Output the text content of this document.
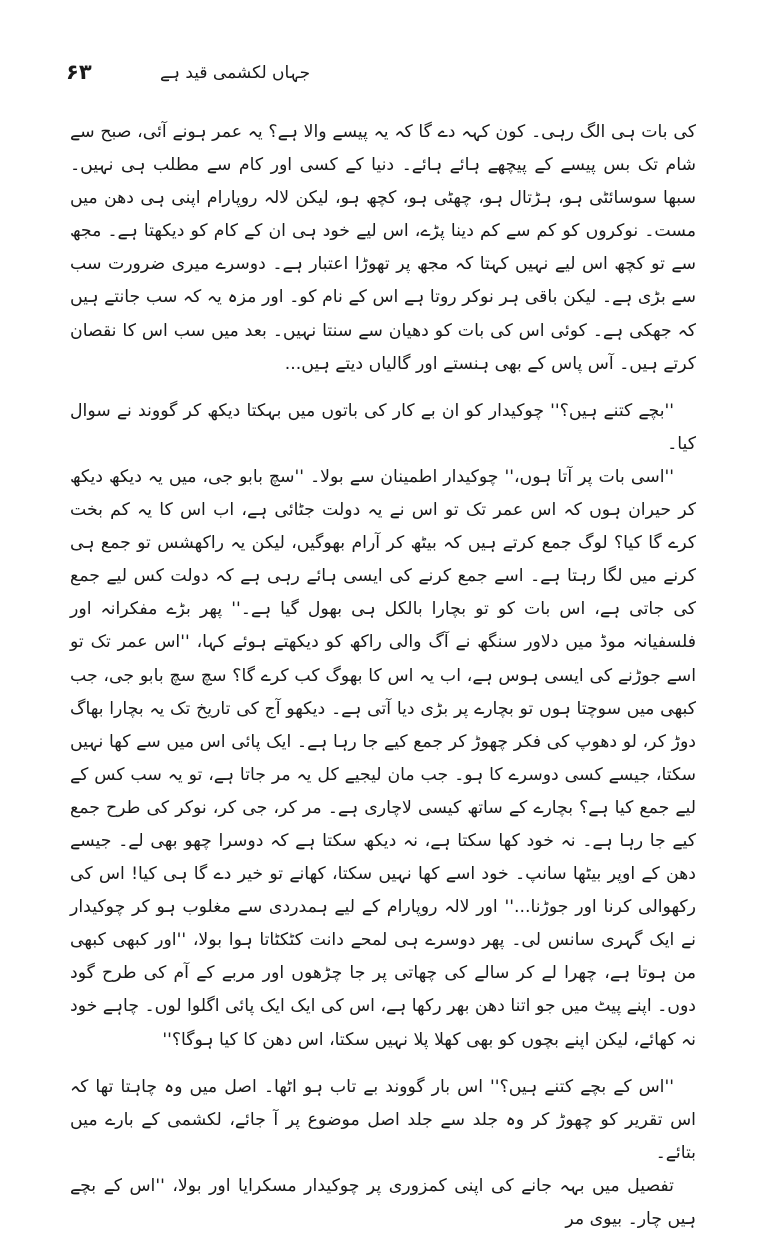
۶۳	جہاں لکشمی قید ہے

کی بات ہی الگ رہی۔ کون کہہ دے گا کہ یہ پیسے والا ہے؟ یہ عمر ہونے آئی، صبح سے شام تک بس پیسے کے پیچھے ہائے ہائے۔ دنیا کے کسی اور کام سے مطلب ہی نہیں۔ سبھا سوسائٹی ہو، ہڑتال ہو، چھٹی ہو، کچھ ہو، لیکن لالہ روپارام اپنی ہی دھن میں مست۔ نوکروں کو کم سے کم دینا پڑے، اس لیے خود ہی ان کے کام کو دیکھتا ہے۔ مجھ سے تو کچھ اس لیے نہیں کہتا کہ مجھ پر تھوڑا اعتبار ہے۔ دوسرے میری ضرورت سب سے بڑی ہے۔ لیکن باقی ہر نوکر روتا ہے اس کے نام کو۔ اور مزہ یہ کہ سب جانتے ہیں کہ جھکی ہے۔ کوئی اس کی بات کو دھیان سے سنتا نہیں۔ بعد میں سب اس کا نقصان کرتے ہیں۔ آس پاس کے بھی ہنستے اور گالیاں دیتے ہیں...

''بچے کتنے ہیں؟'' چوکیدار کو ان بے کار کی باتوں میں بہکتا دیکھ کر گووند نے سوال کیا۔

''اسی بات پر آتا ہوں،'' چوکیدار اطمینان سے بولا۔ ''سچ بابو جی، میں یہ دیکھ دیکھ کر حیران ہوں کہ اس عمر تک تو اس نے یہ دولت جٹائی ہے، اب اس کا یہ کم بخت کرے گا کیا؟ لوگ جمع کرتے ہیں کہ بیٹھ کر آرام بھوگیں، لیکن یہ راکھشس تو جمع ہی کرنے میں لگا رہتا ہے۔ اسے جمع کرنے کی ایسی ہائے رہی ہے کہ دولت کس لیے جمع کی جاتی ہے، اس بات کو تو بچارا بالکل ہی بھول گیا ہے۔'' پھر بڑے مفکرانہ اور فلسفیانہ موڈ میں دلاور سنگھ نے آگ والی راکھ کو دیکھتے ہوئے کہا، ''اس عمر تک تو اسے جوڑنے کی ایسی ہوس ہے، اب یہ اس کا بھوگ کب کرے گا؟ سچ سچ بابو جی، جب کبھی میں سوچتا ہوں تو بچارے پر بڑی دیا آتی ہے۔ دیکھو آج کی تاریخ تک یہ بچارا بھاگ دوڑ کر، لو دھوپ کی فکر چھوڑ کر جمع کیے جا رہا ہے۔ ایک پائی اس میں سے کھا نہیں سکتا، جیسے کسی دوسرے کا ہو۔ جب مان لیجیے کل یہ مر جاتا ہے، تو یہ سب کس کے لیے جمع کیا ہے؟ بچارے کے ساتھ کیسی لاچاری ہے۔ مر کر، جی کر، نوکر کی طرح جمع کیے جا رہا ہے۔ نہ خود کھا سکتا ہے، نہ دیکھ سکتا ہے کہ دوسرا چھو بھی لے۔ جیسے دھن کے اوپر بیٹھا سانپ۔ خود اسے کھا نہیں سکتا، کھانے تو خیر دے گا ہی کیا! اس کی رکھوالی کرنا اور جوڑنا...'' اور لالہ روپارام کے لیے ہمدردی سے مغلوب ہو کر چوکیدار نے ایک گہری سانس لی۔ پھر دوسرے ہی لمحے دانت کٹکٹاتا ہوا بولا، ''اور کبھی کبھی من ہوتا ہے، چھرا لے کر سالے کی چھاتی پر جا چڑھوں اور مربے کے آم کی طرح گود دوں۔ اپنے پیٹ میں جو اتنا دھن بھر رکھا ہے، اس کی ایک ایک پائی اگلوا لوں۔ چاہے خود نہ کھائے، لیکن اپنے بچوں کو بھی کھلا پلا نہیں سکتا، اس دھن کا کیا ہوگا؟''

''اس کے بچے کتنے ہیں؟'' اس بار گووند بے تاب ہو اٹھا۔ اصل میں وہ چاہتا تھا کہ اس تقریر کو چھوڑ کر وہ جلد سے جلد اصل موضوع پر آ جائے، لکشمی کے بارے میں بتائے۔

تفصیل میں بہہ جانے کی اپنی کمزوری پر چوکیدار مسکرایا اور بولا، ''اس کے بچے ہیں چار۔ بیوی مر
